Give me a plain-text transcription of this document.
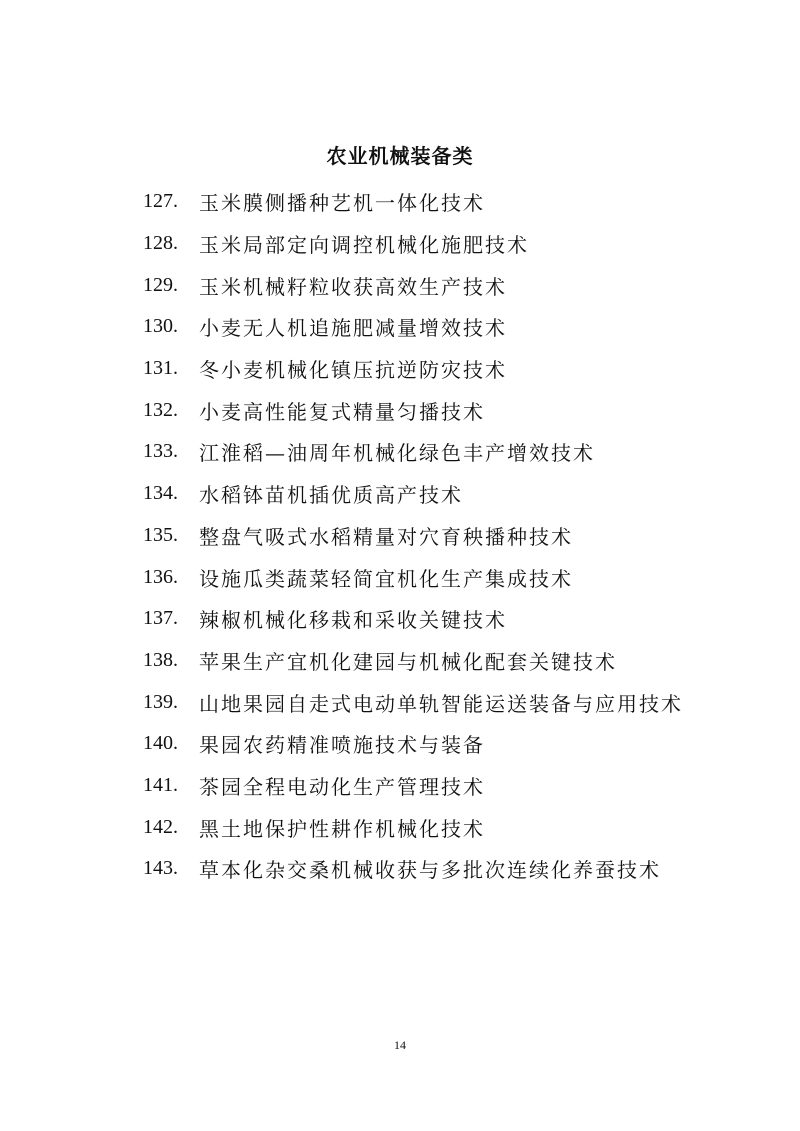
农业机械装备类
127.	玉米膜侧播种艺机一体化技术
128.	玉米局部定向调控机械化施肥技术
129.	玉米机械籽粒收获高效生产技术
130.	小麦无人机追施肥减量增效技术
131.	冬小麦机械化镇压抗逆防灾技术
132.	小麦高性能复式精量匀播技术
133.	江淮稻—油周年机械化绿色丰产增效技术
134.	水稻钵苗机插优质高产技术
135.	整盘气吸式水稻精量对穴育秧播种技术
136.	设施瓜类蔬菜轻简宜机化生产集成技术
137.	辣椒机械化移栽和采收关键技术
138.	苹果生产宜机化建园与机械化配套关键技术
139.	山地果园自走式电动单轨智能运送装备与应用技术
140.	果园农药精准喷施技术与装备
141.	茶园全程电动化生产管理技术
142.	黑土地保护性耕作机械化技术
143.	草本化杂交桑机械收获与多批次连续化养蚕技术
14
